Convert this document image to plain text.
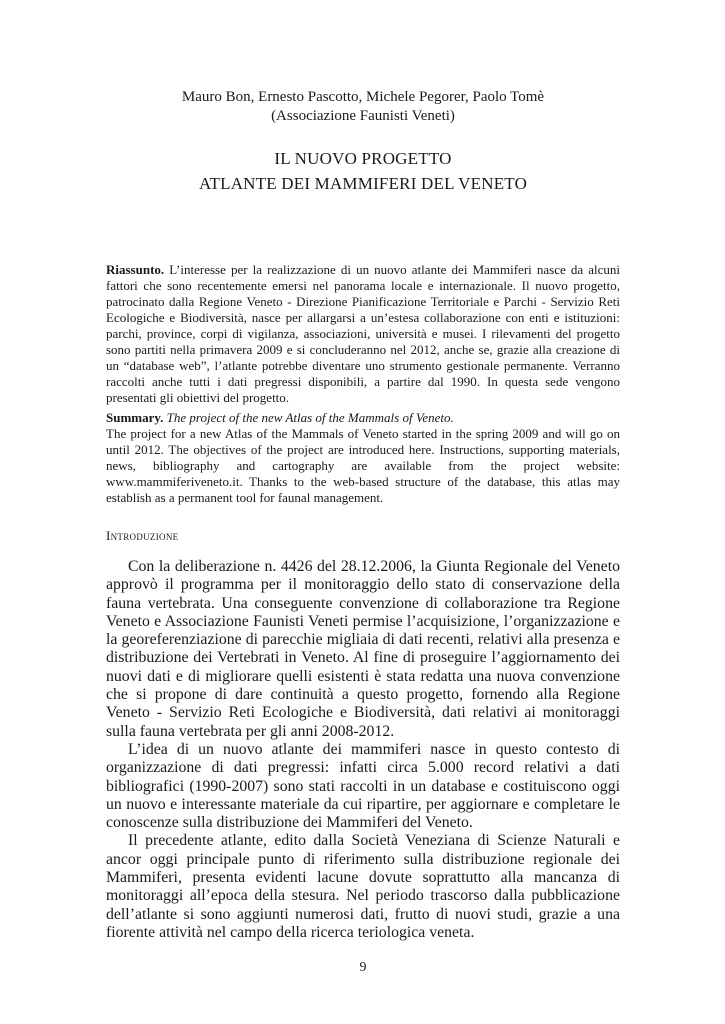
Mauro Bon, Ernesto Pascotto, Michele Pegorer, Paolo Tomè
(Associazione Faunisti Veneti)
IL NUOVO PROGETTO
ATLANTE DEI MAMMIFERI DEL VENETO
Riassunto. L’interesse per la realizzazione di un nuovo atlante dei Mammiferi nasce da alcuni fattori che sono recentemente emersi nel panorama locale e internazionale. Il nuovo progetto, patrocinato dalla Regione Veneto - Direzione Pianificazione Territoriale e Parchi - Servizio Reti Ecologiche e Biodiversità, nasce per allargarsi a un’estesa collaborazione con enti e istituzioni: parchi, province, corpi di vigilanza, associazioni, università e musei. I rilevamenti del progetto sono partiti nella primavera 2009 e si concluderanno nel 2012, anche se, grazie alla creazione di un “database web”, l’atlante potrebbe diventare uno strumento gestionale permanente. Verranno raccolti anche tutti i dati pregressi disponibili, a partire dal 1990. In questa sede vengono presentati gli obiettivi del progetto.
Summary. The project of the new Atlas of the Mammals of Veneto.
The project for a new Atlas of the Mammals of Veneto started in the spring 2009 and will go on until 2012. The objectives of the project are introduced here. Instructions, supporting materials, news, bibliography and cartography are available from the project website: www.mammiferiveneto.it. Thanks to the web-based structure of the database, this atlas may establish as a permanent tool for faunal management.
Introduzione

Con la deliberazione n. 4426 del 28.12.2006, la Giunta Regionale del Veneto approvò il programma per il monitoraggio dello stato di conservazione della fauna vertebrata. Una conseguente convenzione di collaborazione tra Regione Veneto e Associazione Faunisti Veneti permise l’acquisizione, l’organizzazione e la georeferenziazione di parecchie migliaia di dati recenti, relativi alla presenza e distribuzione dei Vertebrati in Veneto. Al fine di proseguire l’aggiornamento dei nuovi dati e di migliorare quelli esistenti è stata redatta una nuova convenzione che si propone di dare continuità a questo progetto, fornendo alla Regione Veneto - Servizio Reti Ecologiche e Biodiversità, dati relativi ai monitoraggi sulla fauna vertebrata per gli anni 2008-2012.

L’idea di un nuovo atlante dei mammiferi nasce in questo contesto di organizzazione di dati pregressi: infatti circa 5.000 record relativi a dati bibliografici (1990-2007) sono stati raccolti in un database e costituiscono oggi un nuovo e interessante materiale da cui ripartire, per aggiornare e completare le conoscenze sulla distribuzione dei Mammiferi del Veneto.

Il precedente atlante, edito dalla Società Veneziana di Scienze Naturali e ancor oggi principale punto di riferimento sulla distribuzione regionale dei Mammiferi, presenta evidenti lacune dovute soprattutto alla mancanza di monitoraggi all’epoca della stesura. Nel periodo trascorso dalla pubblicazione dell’atlante si sono aggiunti numerosi dati, frutto di nuovi studi, grazie a una fiorente attività nel campo della ricerca teriologica veneta.

9
